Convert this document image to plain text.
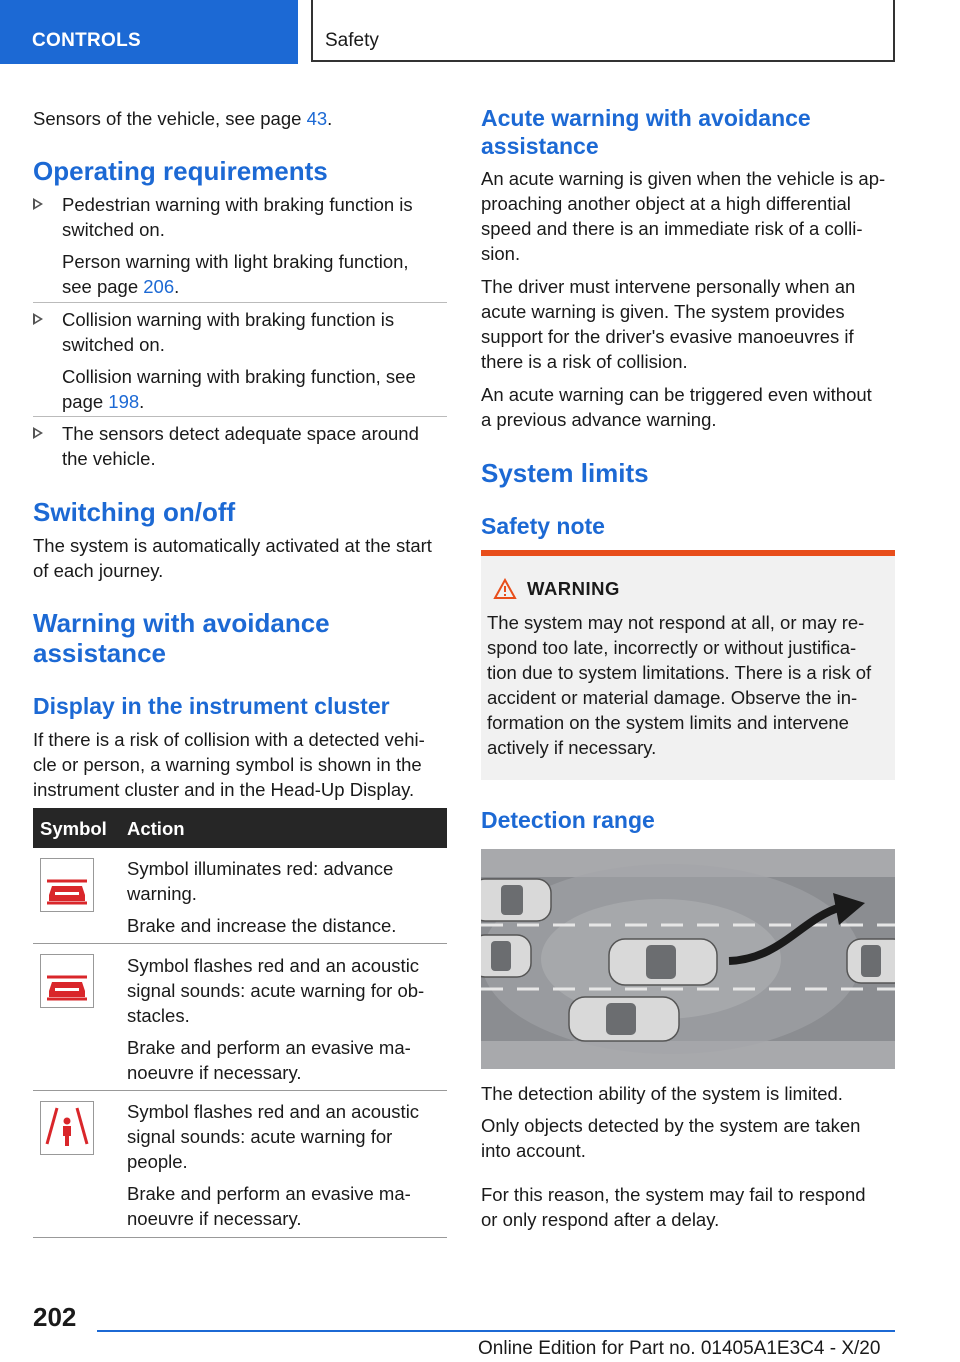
CONTROLS	Safety

Sensors of the vehicle, see page 43.

Operating requirements
Pedestrian warning with braking function is
switched on.
Person warning with light braking function,
see page 206.
Collision warning with braking function is
switched on.
Collision warning with braking function, see
page 198.
The sensors detect adequate space around
the vehicle.
Switching on/off
The system is automatically activated at the start
of each journey.
Warning with avoidance
assistance
Display in the instrument cluster
If there is a risk of collision with a detected vehi-
cle or person, a warning symbol is shown in the
instrument cluster and in the Head-Up Display.
Symbol Action
Symbol illuminates red: advance
warning.
Brake and increase the distance.
Symbol flashes red and an acoustic
signal sounds: acute warning for ob-
stacles.
Brake and perform an evasive ma-
noeuvre if necessary.
Symbol flashes red and an acoustic
signal sounds: acute warning for
people.
Brake and perform an evasive ma-
noeuvre if necessary.
Acute warning with avoidance
assistance
An acute warning is given when the vehicle is ap-
proaching another object at a high differential
speed and there is an immediate risk of a colli-
sion.
The driver must intervene personally when an
acute warning is given. The system provides
support for the driver's evasive manoeuvres if
there is a risk of collision.
An acute warning can be triggered even without
a previous advance warning.
System limits
Safety note
WARNING
The system may not respond at all, or may re-
spond too late, incorrectly or without justifica-
tion due to system limitations. There is a risk of
accident or material damage. Observe the in-
formation on the system limits and intervene
actively if necessary.
Detection range
The detection ability of the system is limited.
Only objects detected by the system are taken
into account.
For this reason, the system may fail to respond
or only respond after a delay.
202
Online Edition for Part no. 01405A1E3C4 - X/20
